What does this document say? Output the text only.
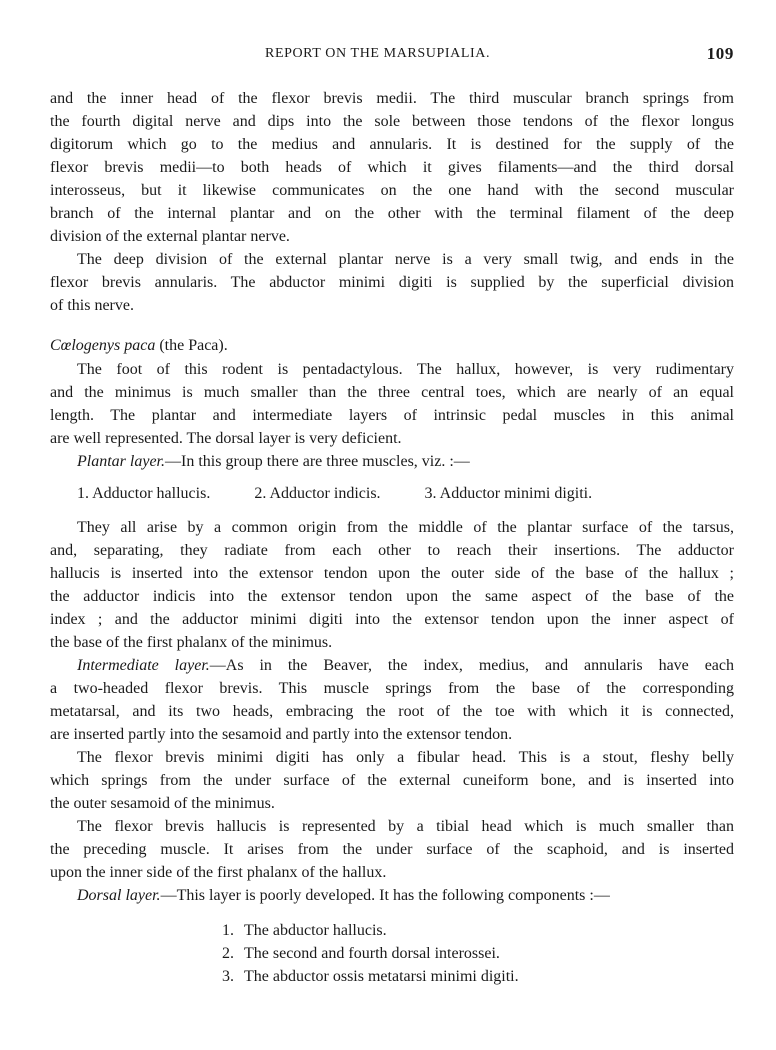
REPORT ON THE MARSUPIALIA.	109
and the inner head of the flexor brevis medii. The third muscular branch springs from
the fourth digital nerve and dips into the sole between those tendons of the flexor longus
digitorum which go to the medius and annularis. It is destined for the supply of the
flexor brevis medii—to both heads of which it gives filaments—and the third dorsal
interosseus, but it likewise communicates on the one hand with the second muscular
branch of the internal plantar and on the other with the terminal filament of the deep
division of the external plantar nerve.
The deep division of the external plantar nerve is a very small twig, and ends in the
flexor brevis annularis. The abductor minimi digiti is supplied by the superficial division
of this nerve.
Cœlogenys paca (the Paca).
The foot of this rodent is pentadactylous. The hallux, however, is very rudimentary
and the minimus is much smaller than the three central toes, which are nearly of an equal
length. The plantar and intermediate layers of intrinsic pedal muscles in this animal
are well represented. The dorsal layer is very deficient.
Plantar layer.—In this group there are three muscles, viz. :—
1. Adductor hallucis.	2. Adductor indicis.	3. Adductor minimi digiti.
They all arise by a common origin from the middle of the plantar surface of the tarsus,
and, separating, they radiate from each other to reach their insertions. The adductor
hallucis is inserted into the extensor tendon upon the outer side of the base of the hallux ;
the adductor indicis into the extensor tendon upon the same aspect of the base of the
index ; and the adductor minimi digiti into the extensor tendon upon the inner aspect of
the base of the first phalanx of the minimus.
Intermediate layer.—As in the Beaver, the index, medius, and annularis have each
a two-headed flexor brevis. This muscle springs from the base of the corresponding
metatarsal, and its two heads, embracing the root of the toe with which it is connected,
are inserted partly into the sesamoid and partly into the extensor tendon.
The flexor brevis minimi digiti has only a fibular head. This is a stout, fleshy belly
which springs from the under surface of the external cuneiform bone, and is inserted into
the outer sesamoid of the minimus.
The flexor brevis hallucis is represented by a tibial head which is much smaller than
the preceding muscle. It arises from the under surface of the scaphoid, and is inserted
upon the inner side of the first phalanx of the hallux.
Dorsal layer.—This layer is poorly developed. It has the following components :—
1. The abductor hallucis.
2. The second and fourth dorsal interossei.
3. The abductor ossis metatarsi minimi digiti.
